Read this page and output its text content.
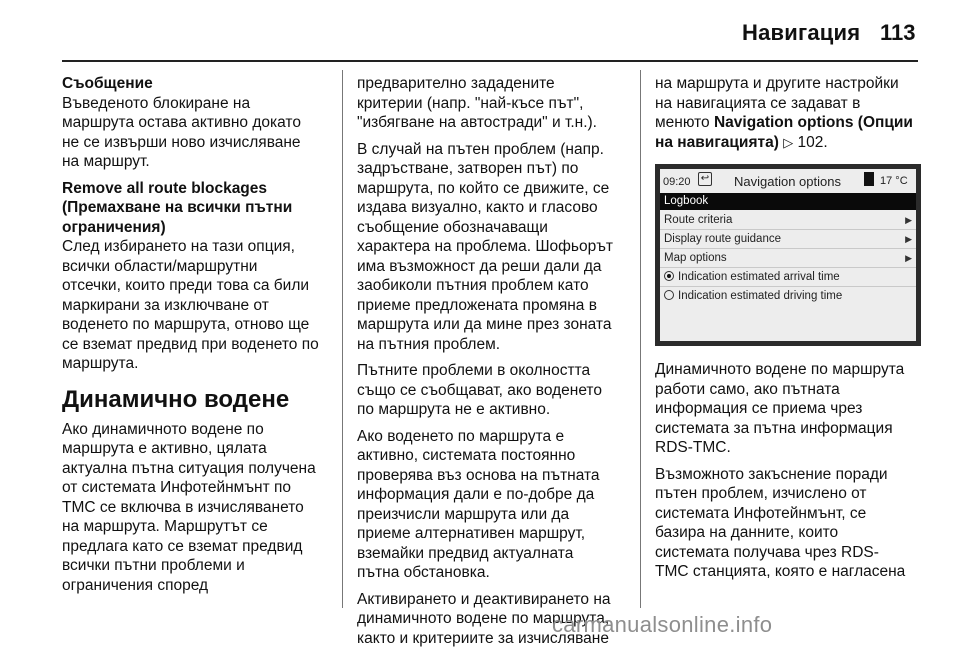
Навигация 113
Съобщение
Въведеното блокиране на
маршрута остава активно докато
не се извърши ново изчисляване
на маршрут.
Remove all route blockages
(Премахване на всички пътни
ограничения)
След избирането на тази опция,
всички области/маршрутни
отсечки, които преди това са били
маркирани за изключване от
воденето по маршрута, отново ще
се вземат предвид при воденето по
маршрута.
Динамично водене
Ако динамичното водене по
маршрута е активно, цялата
актуална пътна ситуация получена
от системата Инфотейнмънт по
TMC се включва в изчисляването
на маршрута. Маршрутът се
предлага като се вземат предвид
всички пътни проблеми и
ограничения според
предварително зададените
критерии (напр. "най-късе път",
"избягване на автостради" и т.н.).
В случай на пътен проблем (напр.
задръстване, затворен път) по
маршрута, по който се движите, се
издава визуално, както и гласово
съобщение обозначаващи
характера на проблема. Шофьорът
има възможност да реши дали да
заобиколи пътния проблем като
приеме предложената промяна в
маршрута или да мине през зоната
на пътния проблем.
Пътните проблеми в околността
също се съобщават, ако воденето
по маршрута не е активно.
Ако воденето по маршрута е
активно, системата постоянно
проверява въз основа на пътната
информация дали е по-добре да
преизчисли маршрута или да
приеме алтернативен маршрут,
вземайки предвид актуалната
пътна обстановка.
Активирането и деактивирането на
динамичното водене по маршрута,
както и критериите за изчисляване
на маршрута и другите настройки
на навигацията се задават в
менюто Navigation options (Опции
на навигацията) ▷ 102.
09:20 ↩ Navigation options	17 °C
Logbook
Route criteria	▶
Display route guidance	▶
Map options	▶
Indication estimated arrival time
Indication estimated driving time
Динамичното водене по маршрута
работи само, ако пътната
информация се приема чрез
системата за пътна информация
RDS-TMC.
Възможното закъснение поради
пътен проблем, изчислено от
системата Инфотейнмънт, се
базира на данните, които
системата получава чрез RDS-
TMC станцията, която е нагласена
carmanualsonline.info
